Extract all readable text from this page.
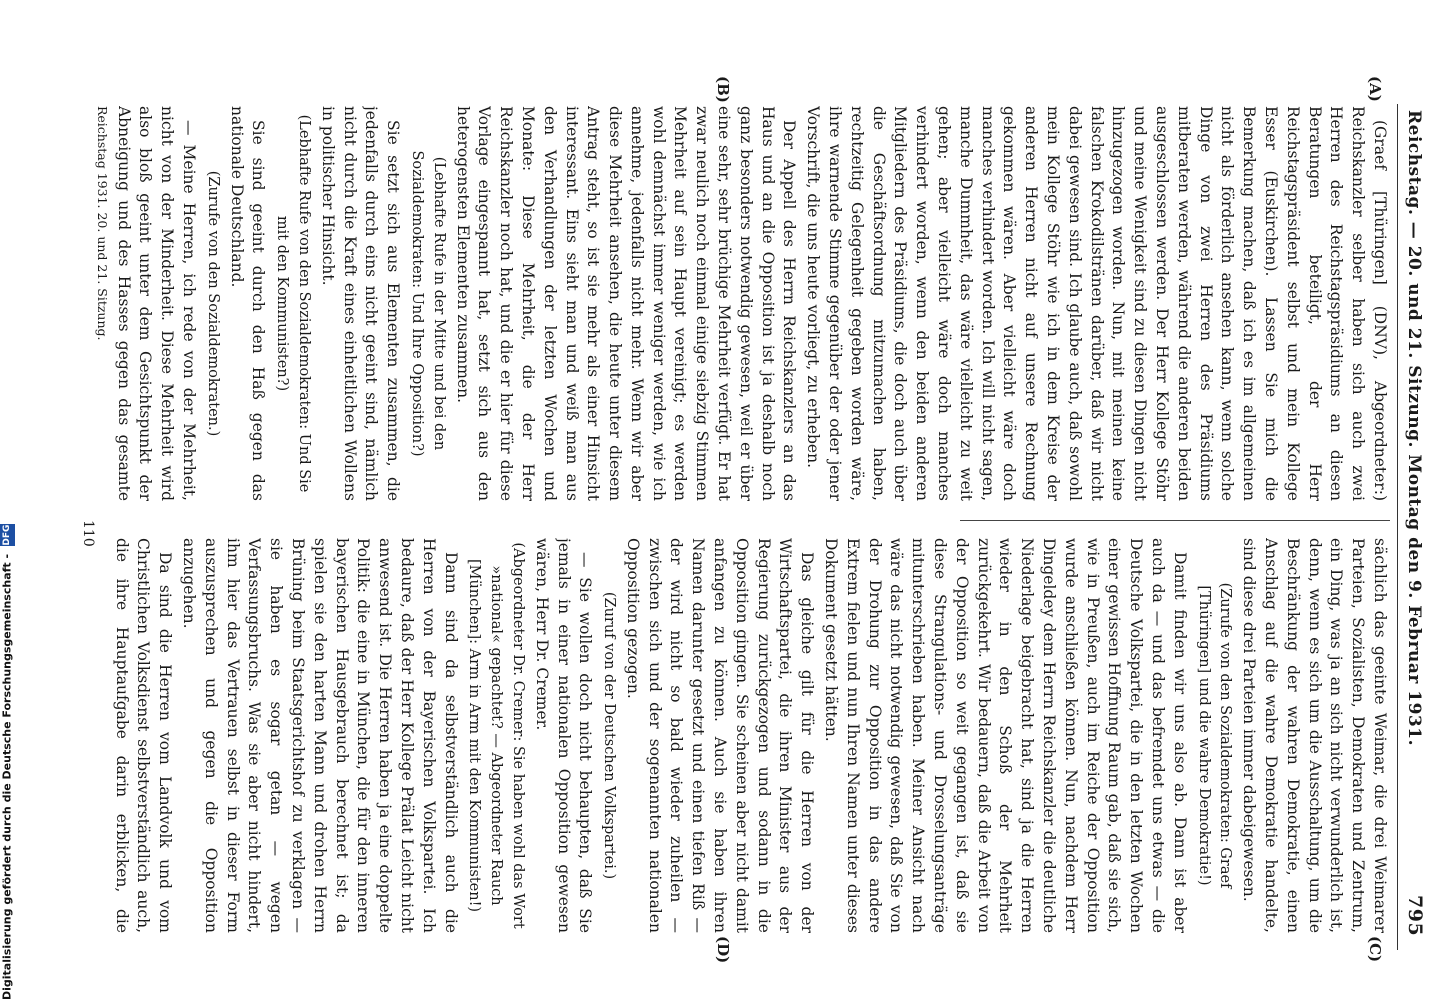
Reichstag. — 20. und 21. Sitzung. Montag den 9. Februar 1931.
795
(A)
(B)
(C)
(D)

(Graef [Thüringen] (DNV), Abgeordneter:) Reichskanzler selber haben sich auch zwei Herren des Reichstagspräsidiums an diesen Beratungen beteiligt, der Herr Reichstagspräsident selbst und mein Kollege Esser (Euskirchen). Lassen Sie mich die Bemerkung machen, daß ich es im allgemeinen nicht als förderlich ansehen kann, wenn solche Dinge von zwei Herren des Präsidiums mitberaten werden, während die anderen beiden ausgeschlossen werden. Der Herr Kollege Stöhr und meine Wenigkeit sind zu diesen Dingen nicht hinzugezogen worden. Nun, mit meinen keine falschen Krokodilstränen darüber, daß wir nicht dabei gewesen sind. Ich glaube auch, daß sowohl mein Kollege Stöhr wie ich in dem Kreise der anderen Herren nicht auf unsere Rechnung gekommen wären. Aber vielleicht wäre doch manches verhindert worden. Ich will nicht sagen, manche Dummheit, das wäre vielleicht zu weit gehen; aber vielleicht wäre doch manches verhindert worden, wenn den beiden anderen Mitgliedern des Präsidiums, die doch auch über die Geschäftsordnung mitzumachen haben, rechtzeitig Gelegenheit gegeben worden wäre, ihre warnende Stimme gegenüber der oder jener Vorschrift, die uns heute vorliegt, zu erheben.

Der Appell des Herrn Reichskanzlers an das Haus und an die Opposition ist ja deshalb noch ganz besonders notwendig gewesen, weil er über eine sehr, sehr brüchige Mehrheit verfügt. Er hat zwar neulich noch einmal einige siebzig Stimmen Mehrheit auf sein Haupt vereinigt; es werden wohl demnächst immer weniger werden, wie ich annehme, jedenfalls nicht mehr. Wenn wir aber diese Mehrheit ansehen, die heute unter diesem Antrag steht, so ist sie mehr als einer Hinsicht interessant. Eins sieht man und weiß man aus den Verhandlungen der letzten Wochen und Monate: Diese Mehrheit, die der Herr Reichskanzler noch hat, und die er hier für diese Vorlage eingespannt hat, setzt sich aus den heterogensten Elementen zusammen.

(Lebhafte Rufe in der Mitte und bei den Sozialdemokraten: Und Ihre Opposition?)

Sie setzt sich aus Elementen zusammen, die jedenfalls durch eins nicht geeint sind, nämlich nicht durch die Kraft eines einheitlichen Wollens in politischer Hinsicht.

(Lebhafte Rufe von den Sozialdemokraten: Und Sie mit den Kommunisten?)

Sie sind geeint durch den Haß gegen das nationale Deutschland.

(Zurufe von den Sozialdemokraten.)

— Meine Herren, ich rede von der Mehrheit, nicht von der Minderheit. Diese Mehrheit wird also bloß geeint unter dem Gesichtspunkt der Abneigung und des Hasses gegen das gesamte

sächlich das geeinte Weimar, die drei Weimarer Parteien, Sozialisten, Demokraten und Zentrum, ein Ding, was ja an sich nicht verwunderlich ist, denn, wenn es sich um die Ausschaltung, um die Beschränkung der wahren Demokratie, einen Anschlag auf die wahre Demokratie handelte, sind diese drei Parteien immer dabeigewesen.

(Zurufe von den Sozialdemokraten: Graef [Thüringen] und die wahre Demokratie!)

Damit finden wir uns also ab. Dann ist aber auch da — und das befremdet uns etwas — die Deutsche Volkspartei, die in den letzten Wochen einer gewissen Hoffnung Raum gab, daß sie sich, wie in Preußen, auch im Reiche der Opposition wurde anschließen können. Nun, nachdem Herr Dingeldey dem Herrn Reichskanzler die deutliche Niederlage beigebracht hat, sind ja die Herren wieder in den Schoß der Mehrheit zurückgekehrt. Wir bedauern, daß die Arbeit von der Opposition so weit gegangen ist, daß sie diese Strangulations- und Drosselungsanträge mitunterschrieben haben. Meiner Ansicht nach wäre das nicht notwendig gewesen, daß Sie von der Drohung zur Opposition in das andere Extrem fielen und nun Ihren Namen unter dieses Dokument gesetzt hätten.

Das gleiche gilt für die Herren von der Wirtschaftspartei, die ihren Minister aus der Regierung zurückgezogen und sodann in die Opposition gingen. Sie scheinen aber nicht damit anfangen zu können. Auch sie haben ihren Namen darunter gesetzt und einen tiefen Riß — der wird nicht so bald wieder zuheilen — zwischen sich und der sogenannten nationalen Opposition gezogen.

(Zuruf von der Deutschen Volkspartei.)

— Sie wollen doch nicht behaupten, daß Sie jemals in einer nationalen Opposition gewesen wären, Herr Dr. Cremer.

(Abgeordneter Dr. Cremer: Sie haben wohl das Wort »national« gepachtet? — Abgeordneter Rauch [München]: Arm in Arm mit den Kommunisten!)

Dann sind da selbstverständlich auch die Herren von der Bayerischen Volkspartei. Ich bedaure, daß der Herr Kollege Prälat Leicht nicht anwesend ist. Die Herren haben ja eine doppelte Politik: die eine in München, die für den inneren bayerischen Hausgebrauch berechnet ist; da spielen sie den harten Mann und drohen Herrn Brüning beim Staatsgerichtshof zu verklagen — sie haben es sogar getan — wegen Verfassungsbruchs. Was sie aber nicht hindert, ihm hier das Vertrauen selbst in dieser Form auszusprechen und gegen die Opposition anzugehen.

Da sind die Herren vom Landvolk und vom Christlichen Volksdienst selbstverständlich auch, die ihre Hauptaufgabe darin erblicken, die

Reichstag 1931. 20. und 21. Sitzung.
110
Digitalisierung gefördert durch die Deutsche Forschungsgemeinschaft - DFG
